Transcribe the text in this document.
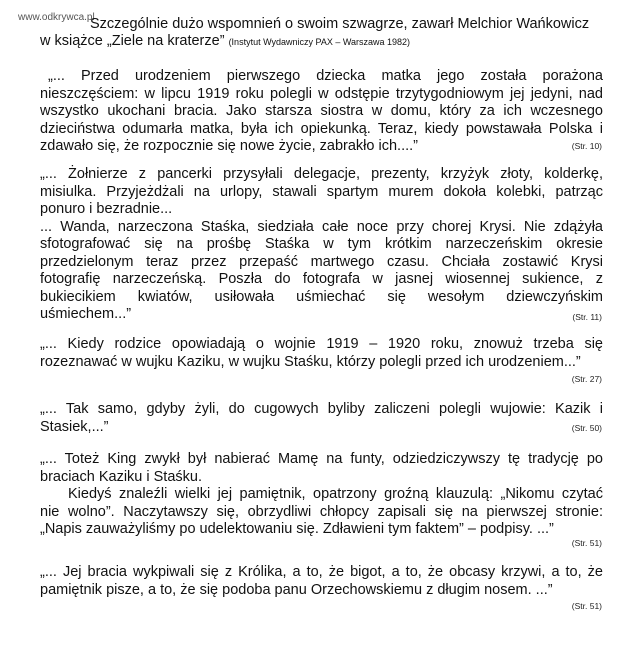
www.odkrywca.pl
Szczególnie dużo wspomnień o swoim szwagrze, zawarł Melchior Wańkowicz
w książce „Ziele na kraterze” (Instytut Wydawniczy PAX – Warszawa 1982)
„... Przed urodzeniem pierwszego dziecka matka jego została porażona
nieszczęściem: w lipcu 1919 roku polegli w odstępie trzytygodniowym jej jedyni, nad
wszystko ukochani bracia. Jako starsza siostra w domu, który za ich wczesnego
dzieciństwa odumarła matka, była ich opiekunką. Teraz, kiedy powstawała Polska i
zdawało się, że rozpocznie się nowe życie, zabrakło ich....”	(Str. 10)
„... Żołnierze z pancerki przysyłali delegacje, prezenty, krzyżyk złoty, kolderkę,
misiulka. Przyjeżdżali na urlopy, stawali spartym murem dokoła kolebki, patrząc
ponuro i bezradnie...
... Wanda, narzeczona Staśka, siedziała całe noce przy chorej Krysi. Nie zdążyła
sfotografować się na prośbę Staśka w tym krótkim narzeczeńskim okresie
przedzielonym teraz przez przepaść martwego czasu. Chciała zostawić Krysi
fotografię narzeczeńską. Poszła do fotografa w jasnej wiosennej sukience, z
bukiecikiem kwiatów, usiłowała uśmiechać się wesołym dziewczyńskim
uśmiechem...”	(Str. 11)
„... Kiedy rodzice opowiadają o wojnie 1919 – 1920 roku, znowuż trzeba się
rozeznawać w wujku Kaziku, w wujku Staśku, którzy polegli przed ich urodzeniem...”
(Str. 27)
„... Tak samo, gdyby żyli, do cugowych byliby zaliczeni polegli wujowie: Kazik i
Stasiek,...”	(Str. 50)
„... Toteż King zwykł był nabierać Mamę na funty, odziedziczywszy tę tradycję po
braciach Kaziku i Staśku.
Kiedyś znaleźli wielki jej pamiętnik, opatrzony groźną klauzulą: „Nikomu czytać
nie wolno”. Naczytawszy się, obrzydliwi chłopcy zapisali się na pierwszej stronie:
„Napis zauważyliśmy po udelektowaniu się. Zdławieni tym faktem” – podpisy. ...”
(Str. 51)
„... Jej bracia wykpiwali się z Królika, a to, że bigot, a to, że obcasy krzywi, a to, że
pamiętnik pisze, a to, że się podoba panu Orzechowskiemu z długim nosem. ...”
(Str. 51)
